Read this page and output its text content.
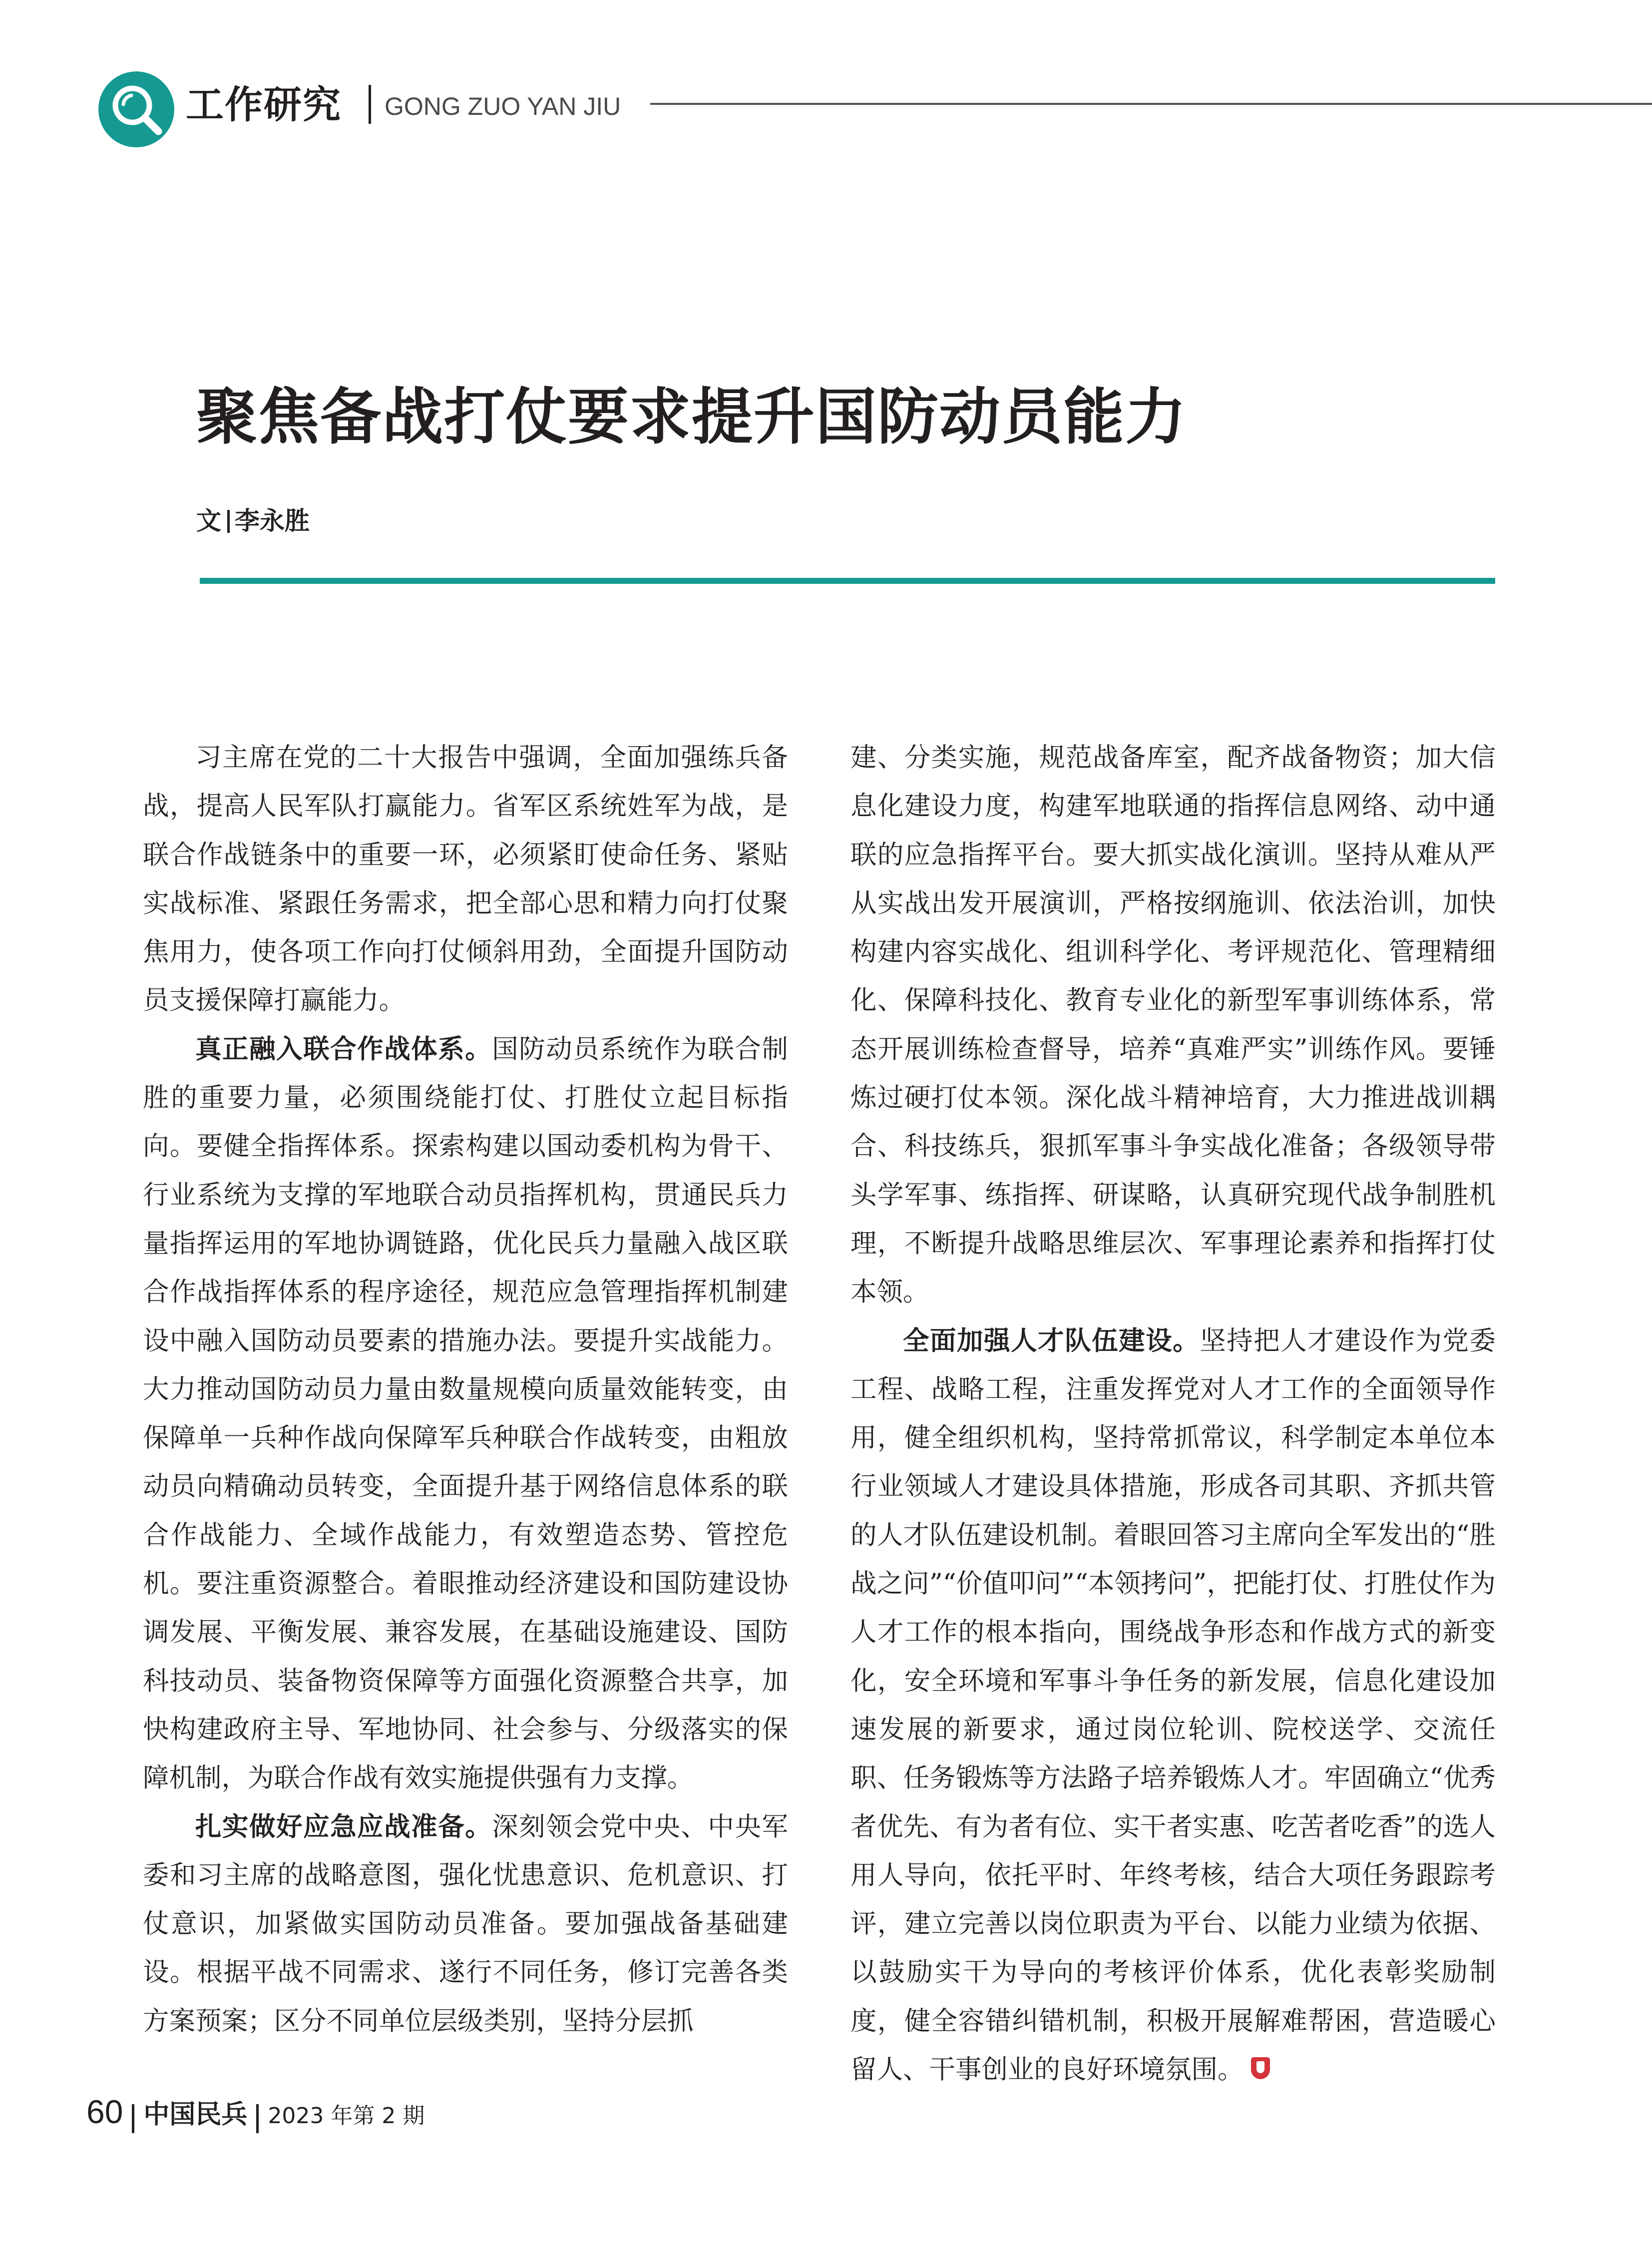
工作研究 GONG ZUO YAN JIU
聚焦备战打仗要求提升国防动员能力
文 李永胜

习主席在党的二十大报告中强调，全面加强练兵备战，提高人民军队打赢能力。省军区系统姓军为战，是联合作战链条中的重要一环，必须紧盯使命任务、紧贴实战标准、紧跟任务需求，把全部心思和精力向打仗聚焦用力，使各项工作向打仗倾斜用劲，全面提升国防动员支援保障打赢能力。

真正融入联合作战体系。国防动员系统作为联合制胜的重要力量，必须围绕能打仗、打胜仗立起目标指向。要健全指挥体系。探索构建以国动委机构为骨干、行业系统为支撑的军地联合动员指挥机构，贯通民兵力量指挥运用的军地协调链路，优化民兵力量融入战区联合作战指挥体系的程序途径，规范应急管理指挥机制建设中融入国防动员要素的措施办法。要提升实战能力。大力推动国防动员力量由数量规模向质量效能转变，由保障单一兵种作战向保障军兵种联合作战转变，由粗放动员向精确动员转变，全面提升基于网络信息体系的联合作战能力、全域作战能力，有效塑造态势、管控危机。要注重资源整合。着眼推动经济建设和国防建设协调发展、平衡发展、兼容发展，在基础设施建设、国防科技动员、装备物资保障等方面强化资源整合共享，加快构建政府主导、军地协同、社会参与、分级落实的保障机制，为联合作战有效实施提供强有力支撑。

扎实做好应急应战准备。深刻领会党中央、中央军委和习主席的战略意图，强化忧患意识、危机意识、打仗意识，加紧做实国防动员准备。要加强战备基础建设。根据平战不同需求、遂行不同任务，修订完善各类方案预案；区分不同单位层级类别，坚持分层抓

建、分类实施，规范战备库室，配齐战备物资；加大信息化建设力度，构建军地联通的指挥信息网络、动中通联的应急指挥平台。要大抓实战化演训。坚持从难从严从实战出发开展演训，严格按纲施训、依法治训，加快构建内容实战化、组训科学化、考评规范化、管理精细化、保障科技化、教育专业化的新型军事训练体系，常态开展训练检查督导，培养“真难严实”训练作风。要锤炼过硬打仗本领。深化战斗精神培育，大力推进战训耦合、科技练兵，狠抓军事斗争实战化准备；各级领导带头学军事、练指挥、研谋略，认真研究现代战争制胜机理，不断提升战略思维层次、军事理论素养和指挥打仗本领。

全面加强人才队伍建设。坚持把人才建设作为党委工程、战略工程，注重发挥党对人才工作的全面领导作用，健全组织机构，坚持常抓常议，科学制定本单位本行业领域人才建设具体措施，形成各司其职、齐抓共管的人才队伍建设机制。着眼回答习主席向全军发出的“胜战之问”“价值叩问”“本领拷问”，把能打仗、打胜仗作为人才工作的根本指向，围绕战争形态和作战方式的新变化，安全环境和军事斗争任务的新发展，信息化建设加速发展的新要求，通过岗位轮训、院校送学、交流任职、任务锻炼等方法路子培养锻炼人才。牢固确立“优秀者优先、有为者有位、实干者实惠、吃苦者吃香”的选人用人导向，依托平时、年终考核，结合大项任务跟踪考评，建立完善以岗位职责为平台、以能力业绩为依据、以鼓励实干为导向的考核评价体系，优化表彰奖励制度，健全容错纠错机制，积极开展解难帮困，营造暖心留人、干事创业的良好环境氛围。

60 中国民兵 2023 年第 2 期
